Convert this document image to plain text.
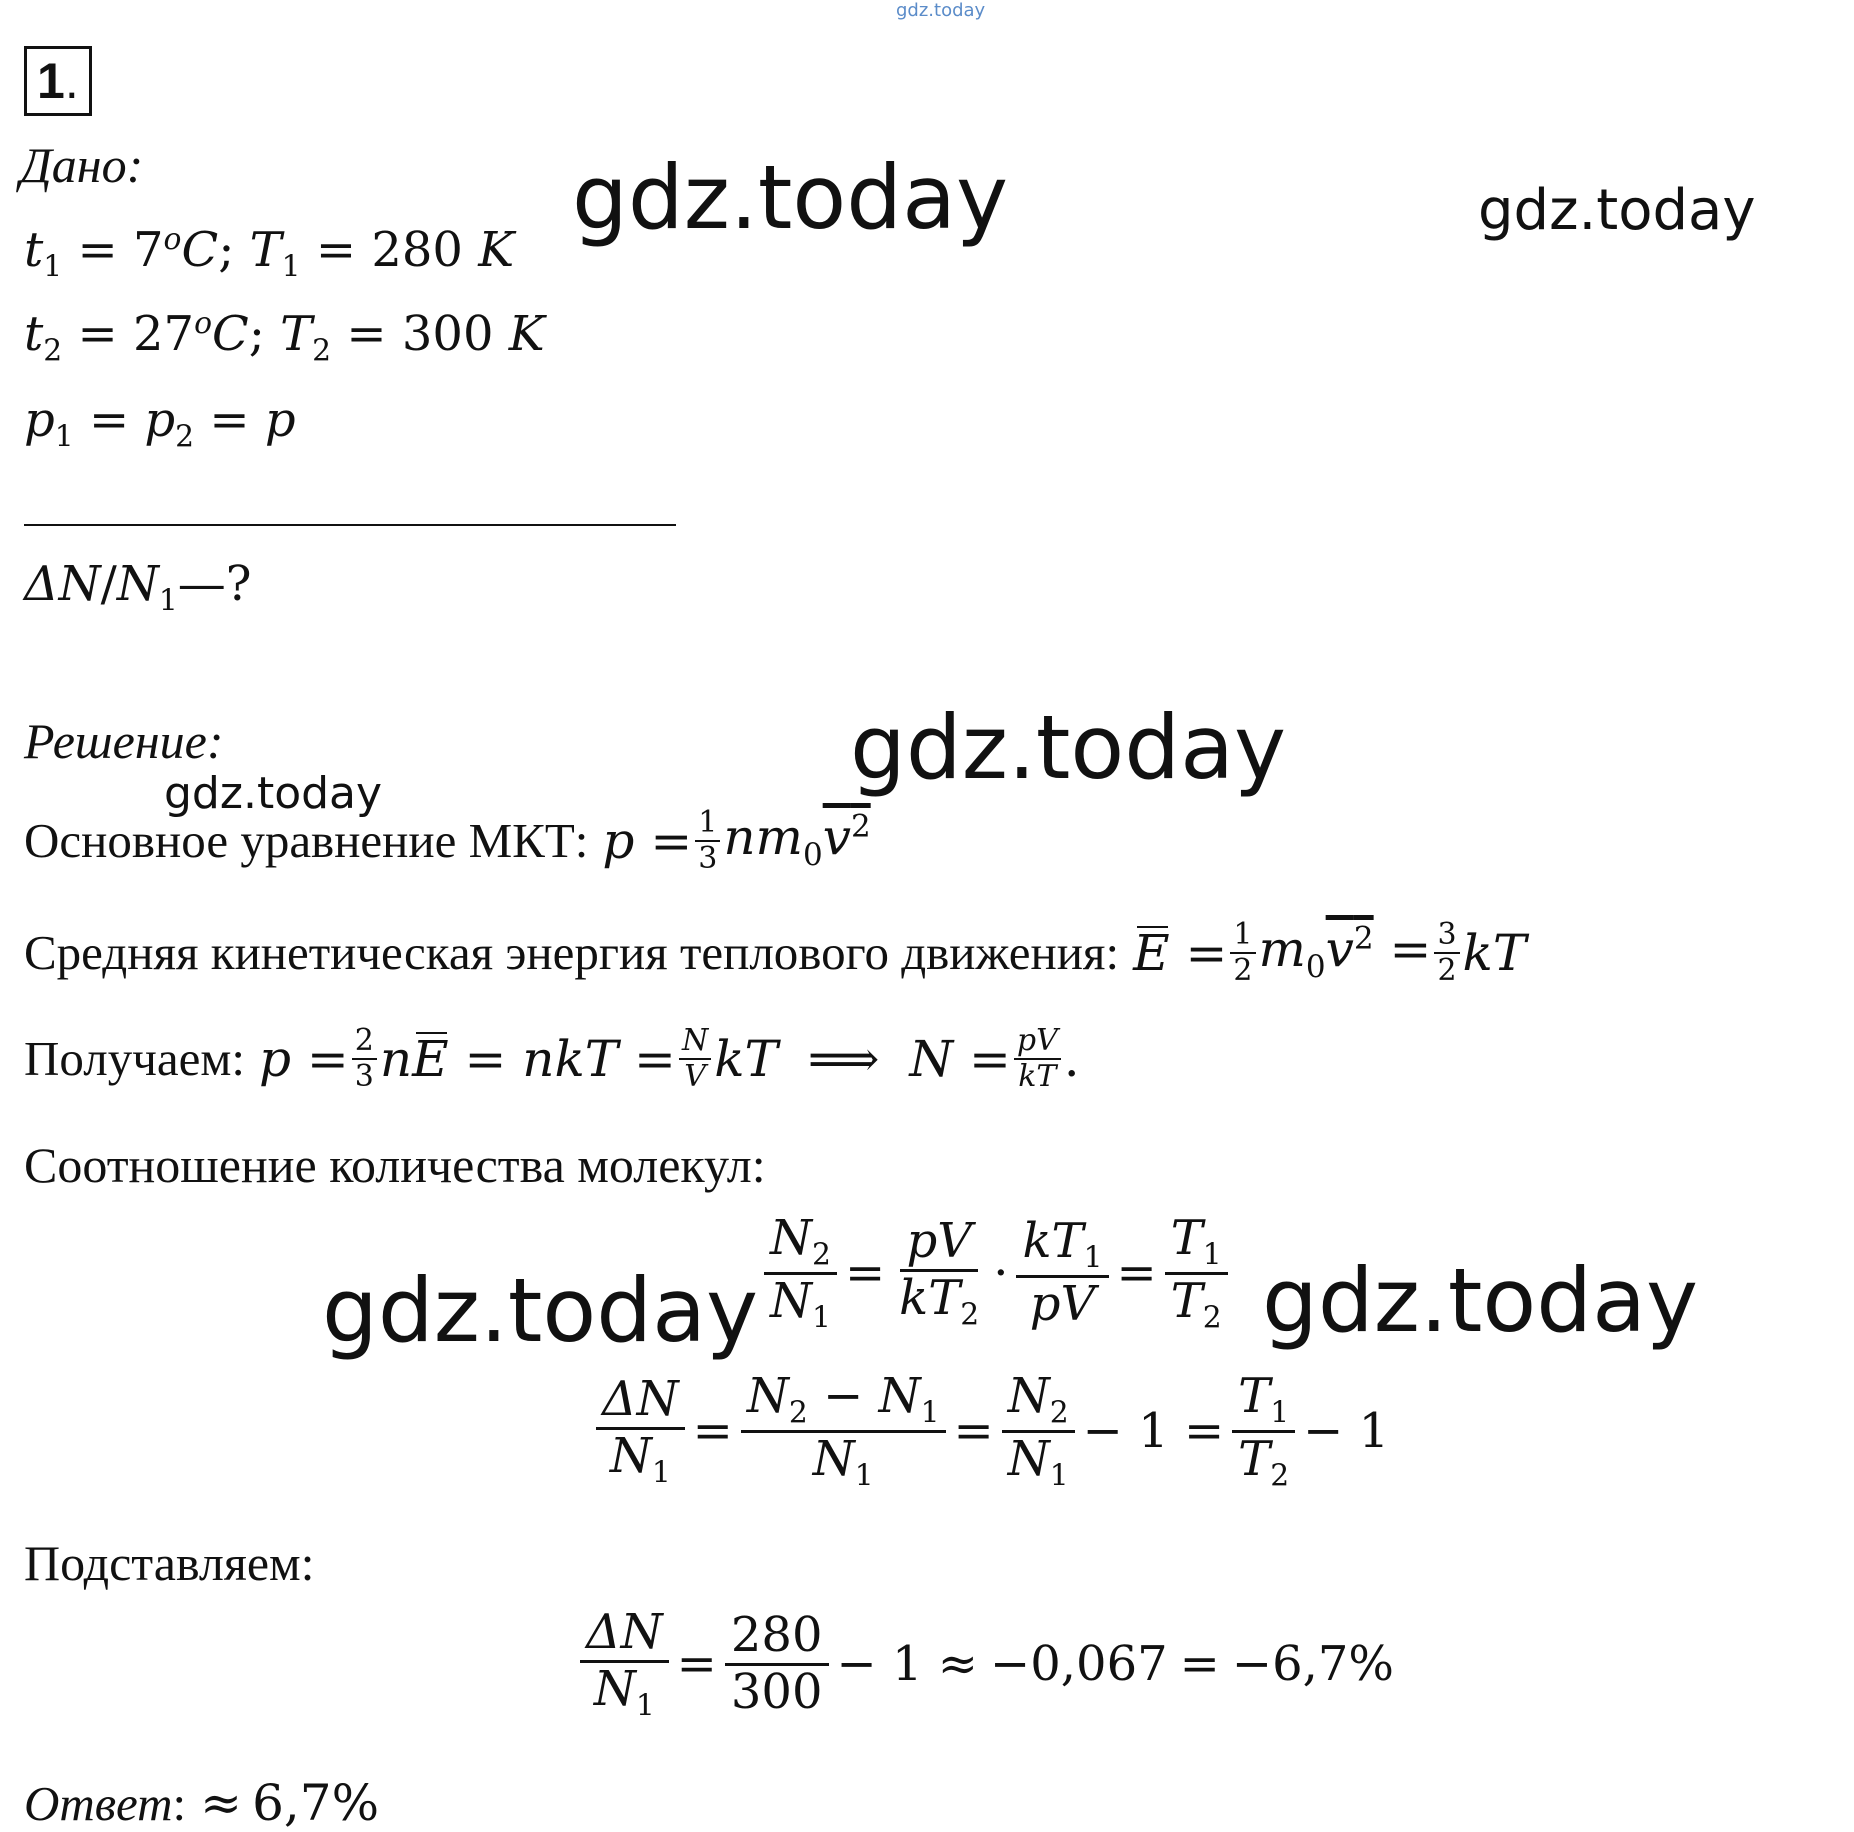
gdz.today
gdz.today	gdz.today
gdz.today
gdz.today
gdz.today	gdz.today
1.
Дано:
$t_1 = 7^oC$; $T_1 = 280$ K
$t_2 = 27^oC$; $T_2 = 300$ K
$p_1 = p_2 = p$
$\Delta N/N_1—$?
Решение:
Основное уравнение МКТ: $p = \frac{1}{3} nm_0v^2$
Средняя кинетическая энергия теплового движения: $E = \frac{1}{2} m_0v^2 = \frac{3}{2}$ kT
Получаем: $p = \frac{2}{3}$ nE = nkT = $\frac{N}{V}$ kT ⟹ $N = \frac{pV}{kT}$ .
Соотношение количества молекул:
$\frac{N_2}{N_1} = \frac{pV}{kT_2} \cdot \frac{kT_1}{pV} = \frac{T_1}{T_2}$
$\frac{\Delta N}{N_1} = \frac{N_2 - N_1}{N_1} = \frac{N_2}{N_1} - 1 = \frac{T_1}{T_2} - 1$
Подставляем:
$\frac{\Delta N}{N_1} = \frac{280}{300} - 1 \approx -0,067 = -6,7\%$
Ответ : ≈ 6,7%
